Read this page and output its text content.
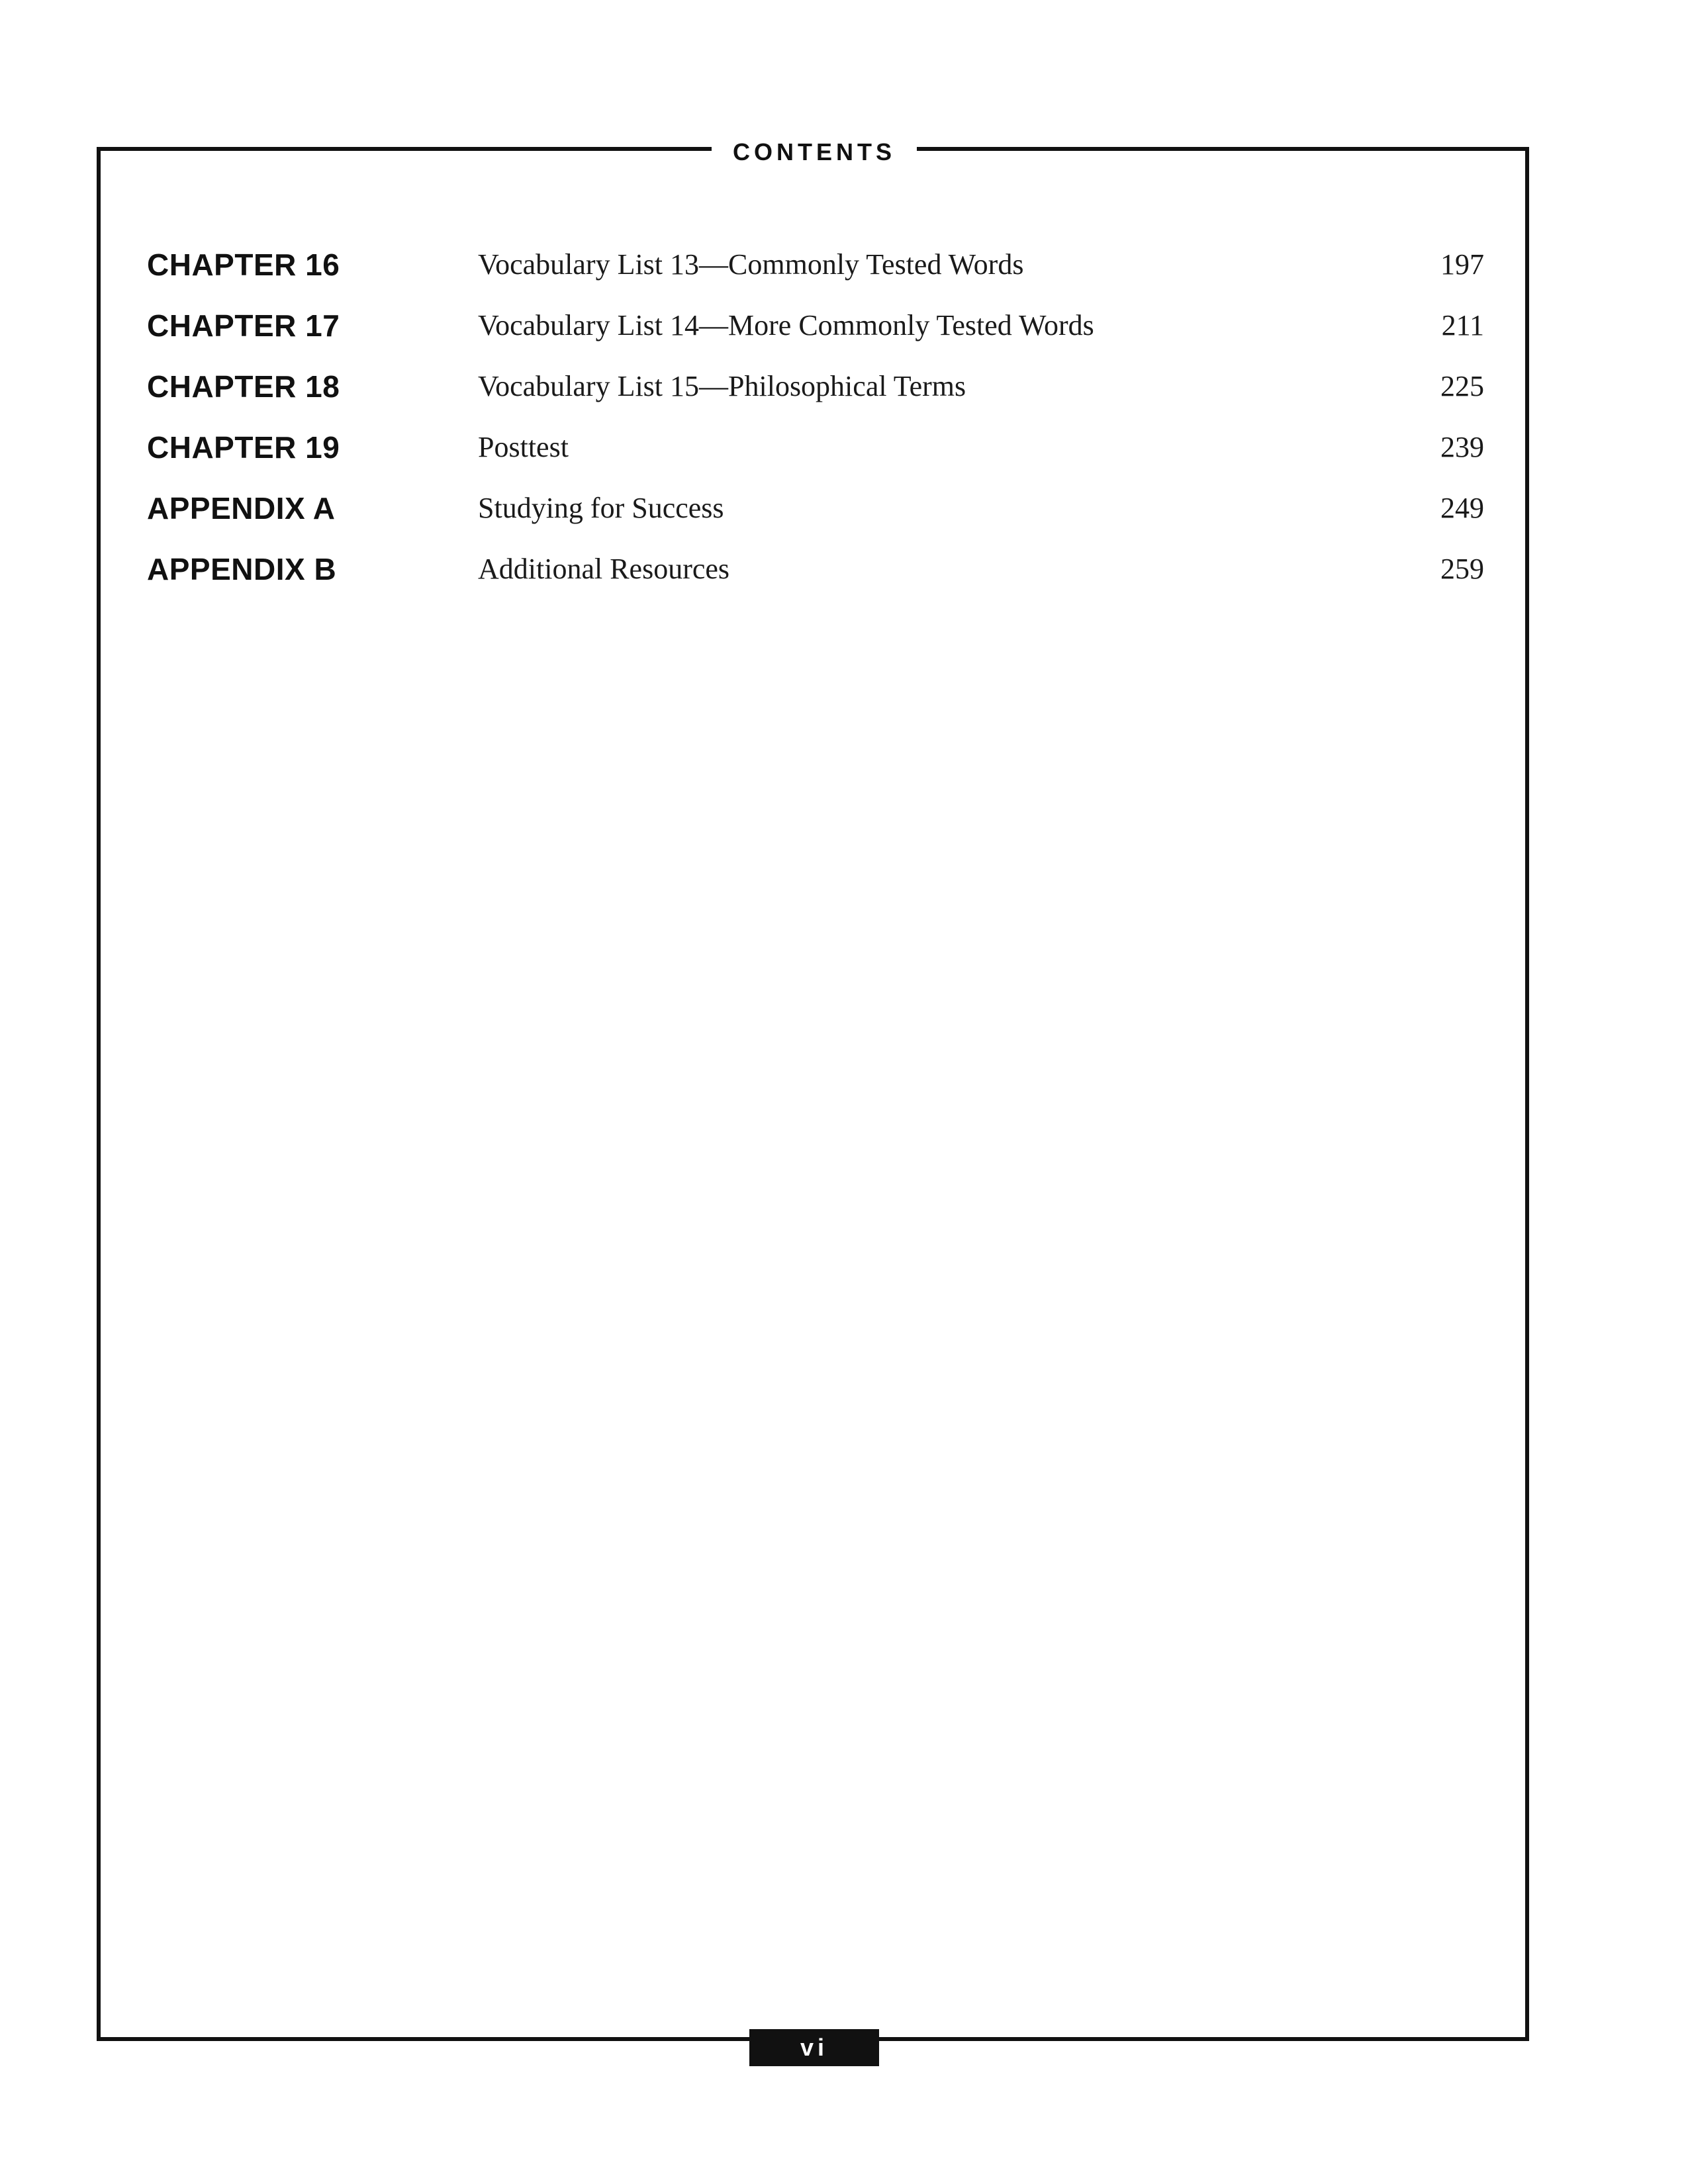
CONTENTS
CHAPTER 16	Vocabulary List 13—Commonly Tested Words	197
CHAPTER 17	Vocabulary List 14—More Commonly Tested Words	211
CHAPTER 18	Vocabulary List 15—Philosophical Terms	225
CHAPTER 19	Posttest	239
APPENDIX A	Studying for Success	249
APPENDIX B	Additional Resources	259
vi
